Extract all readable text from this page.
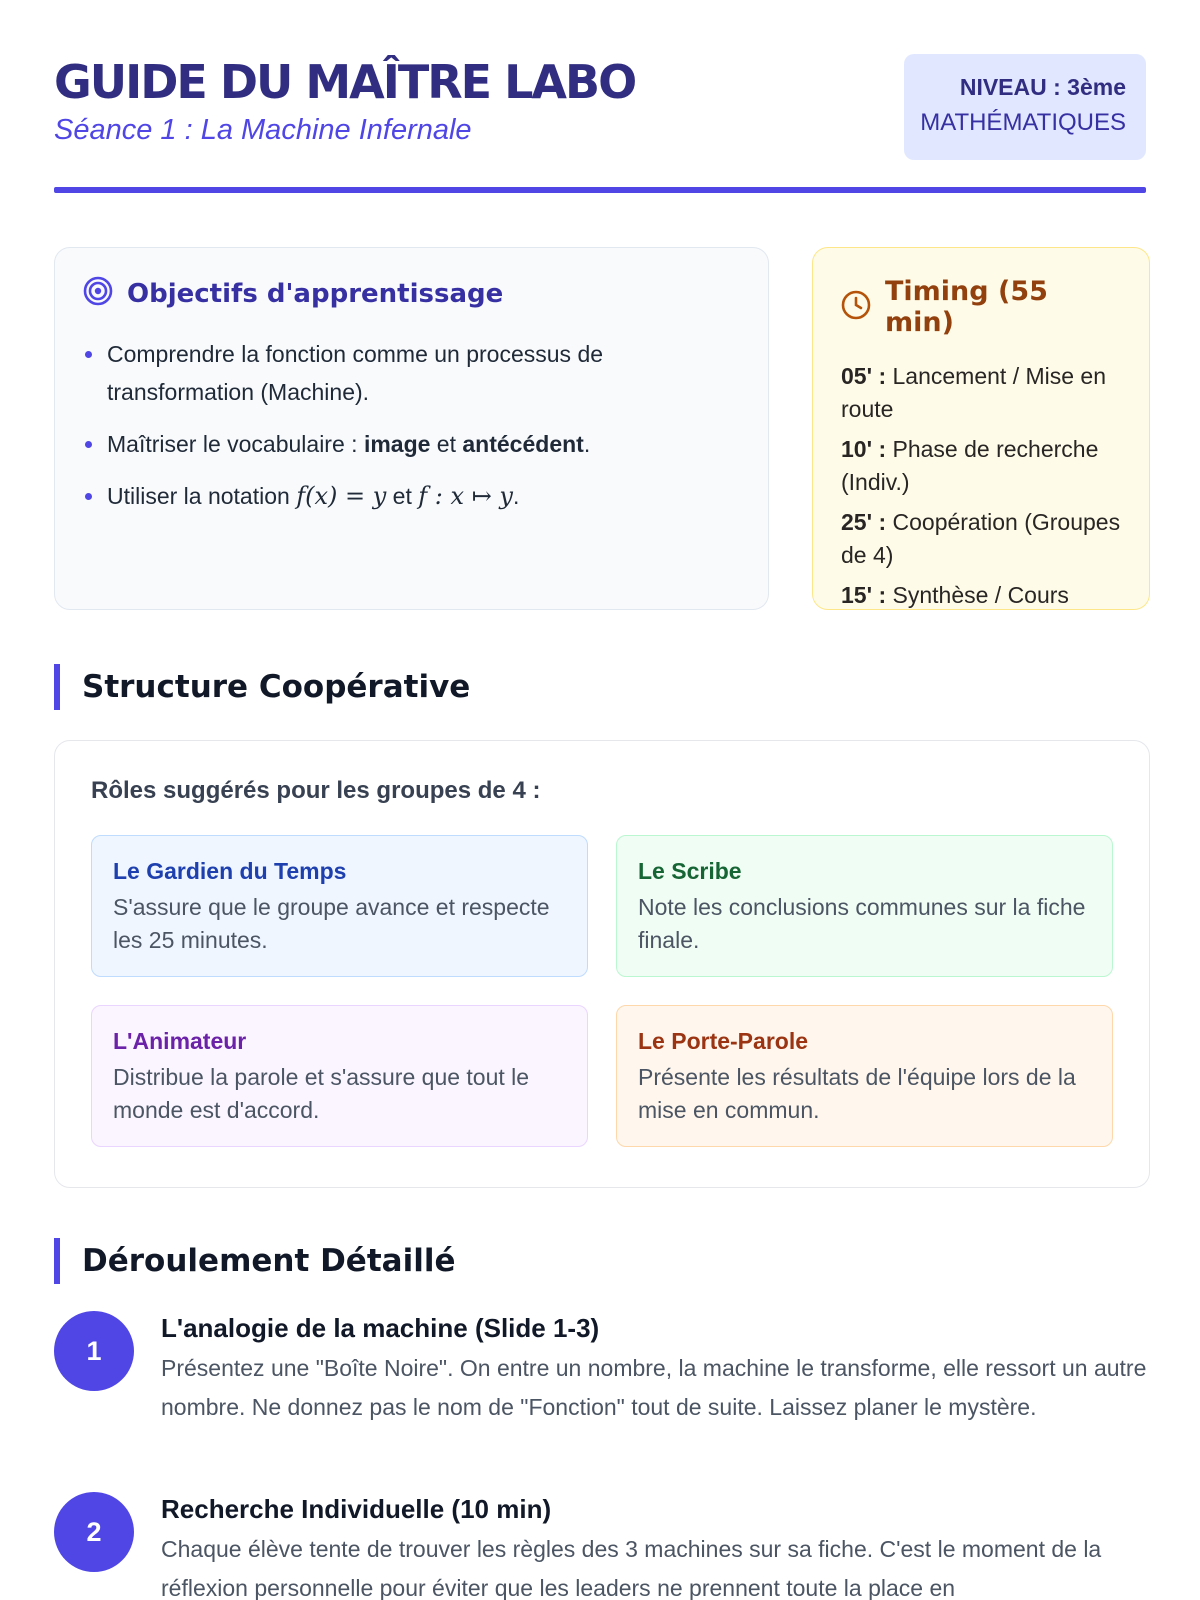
GUIDE DU MAÎTRE LABO
Séance 1 : La Machine Infernale
NIVEAU : 3ème
MATHÉMATIQUES
Objectifs d'apprentissage
Comprendre la fonction comme un processus de transformation (Machine).
Maîtriser le vocabulaire : image et antécédent.
Utiliser la notation f(x) = y et f : x ↦ y.
Timing (55 min)
05' : Lancement / Mise en route
10' : Phase de recherche (Indiv.)
25' : Coopération (Groupes de 4)
15' : Synthèse / Cours
Structure Coopérative
Rôles suggérés pour les groupes de 4 :
Le Gardien du Temps
S'assure que le groupe avance et respecte les 25 minutes.
Le Scribe
Note les conclusions communes sur la fiche finale.
L'Animateur
Distribue la parole et s'assure que tout le monde est d'accord.
Le Porte-Parole
Présente les résultats de l'équipe lors de la mise en commun.
Déroulement Détaillé
1
L'analogie de la machine (Slide 1-3)
Présentez une "Boîte Noire". On entre un nombre, la machine le transforme, elle ressort un autre nombre. Ne donnez pas le nom de "Fonction" tout de suite. Laissez planer le mystère.
2
Recherche Individuelle (10 min)
Chaque élève tente de trouver les règles des 3 machines sur sa fiche. C'est le moment de la réflexion personnelle pour éviter que les leaders ne prennent toute la place en
